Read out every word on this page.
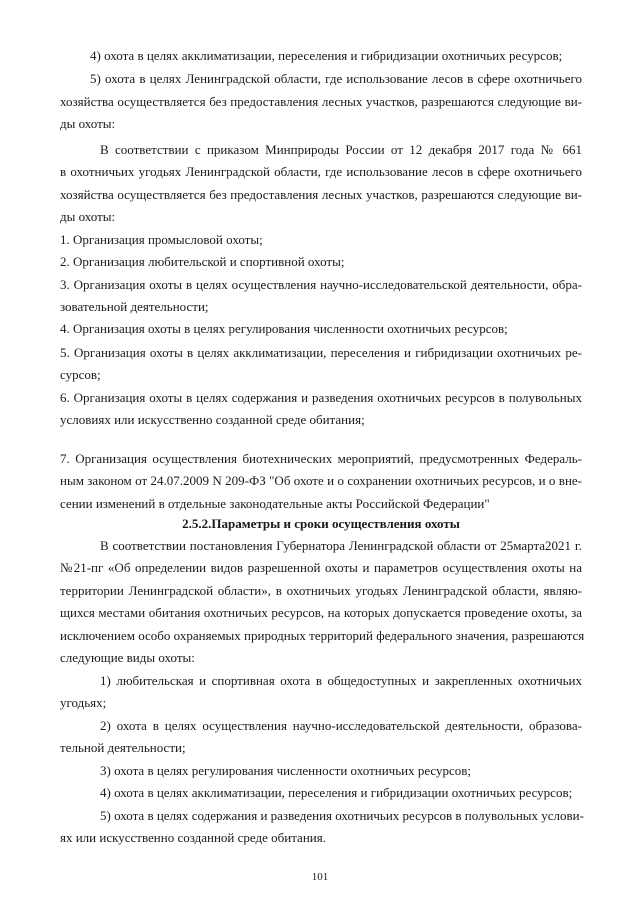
4) охота в целях акклиматизации, переселения и гибридизации охотничьих ресурсов;
5) охота в целях Ленинградской области, где использование лесов в сфере охотничьего
хозяйства осуществляется без предоставления лесных участков, разрешаются следующие ви-
ды охоты:
В соответствии с приказом Минприроды России от 12 декабря 2017 года № 661
в охотничьих угодьях Ленинградской области, где использование лесов в сфере охотничьего
хозяйства осуществляется без предоставления лесных участков, разрешаются следующие ви-
ды охоты:
1. Организация промысловой охоты;
2. Организация любительской и спортивной охоты;
3. Организация охоты в целях осуществления научно-исследовательской деятельности, обра-
зовательной деятельности;
4. Организация охоты в целях регулирования численности охотничьих ресурсов;
5. Организация охоты в целях акклиматизации, переселения и гибридизации охотничьих ре-
сурсов;
6. Организация охоты в целях содержания и разведения охотничьих ресурсов в полувольных
условиях или искусственно созданной среде обитания;
7. Организация осуществления биотехнических мероприятий, предусмотренных Федераль-
ным законом от 24.07.2009 N 209-ФЗ "Об охоте и о сохранении охотничьих ресурсов, и о вне-
сении изменений в отдельные законодательные акты Российской Федерации"
2.5.2.Параметры и сроки осуществления охоты
В соответствии постановления Губернатора Ленинградской области от 25марта2021 г.
№21-пг «Об определении видов разрешенной охоты и параметров осуществления охоты на
территории Ленинградской области», в охотничьих угодьях Ленинградской области, являю-
щихся местами обитания охотничьих ресурсов, на которых допускается проведение охоты, за
исключением особо охраняемых природных территорий федерального значения, разрешаются
следующие виды охоты:
1) любительская и спортивная охота в общедоступных и закрепленных охотничьих
угодьях;
2) охота в целях осуществления научно-исследовательской деятельности, образова-
тельной деятельности;
3) охота в целях регулирования численности охотничьих ресурсов;
4) охота в целях акклиматизации, переселения и гибридизации охотничьих ресурсов;
5) охота в целях содержания и разведения охотничьих ресурсов в полувольных услови-
ях или искусственно созданной среде обитания.
101
